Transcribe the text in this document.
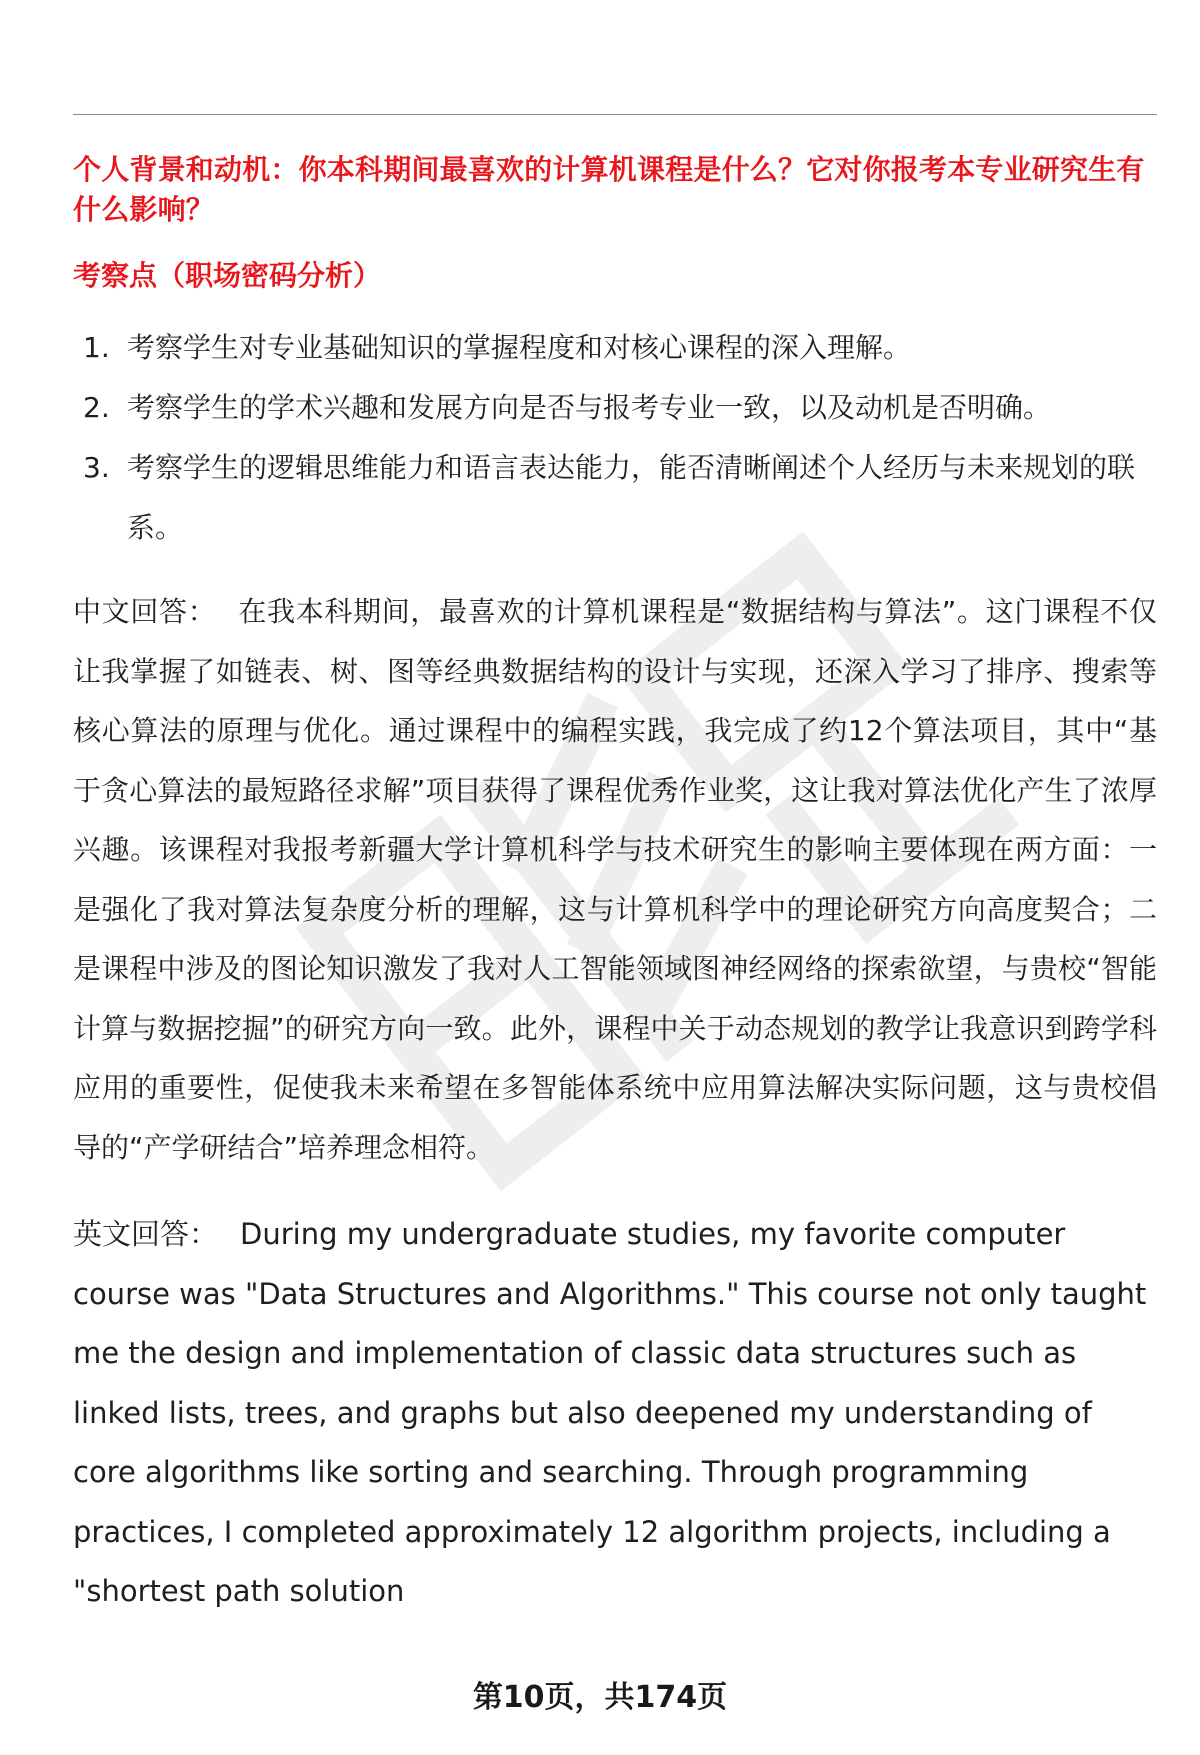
个人背景和动机：你本科期间最喜欢的计算机课程是什么？它对你报考本专业研究生有什么影响？

考察点（职场密码分析）

1. 考察学生对专业基础知识的掌握程度和对核心课程的深入理解。
2. 考察学生的学术兴趣和发展方向是否与报考专业一致，以及动机是否明确。
3. 考察学生的逻辑思维能力和语言表达能力，能否清晰阐述个人经历与未来规划的联系。

中文回答： 在我本科期间，最喜欢的计算机课程是“数据结构与算法”。这门课程不仅让我掌握了如链表、树、图等经典数据结构的设计与实现，还深入学习了排序、搜索等核心算法的原理与优化。通过课程中的编程实践，我完成了约12个算法项目，其中“基于贪心算法的最短路径求解”项目获得了课程优秀作业奖，这让我对算法优化产生了浓厚兴趣。该课程对我报考新疆大学计算机科学与技术研究生的影响主要体现在两方面：一是强化了我对算法复杂度分析的理解，这与计算机科学中的理论研究方向高度契合；二是课程中涉及的图论知识激发了我对人工智能领域图神经网络的探索欲望，与贵校“智能计算与数据挖掘”的研究方向一致。此外，课程中关于动态规划的教学让我意识到跨学科应用的重要性，促使我未来希望在多智能体系统中应用算法解决实际问题，这与贵校倡导的“产学研结合”培养理念相符。

英文回答： During my undergraduate studies, my favorite computer course was "Data Structures and Algorithms." This course not only taught me the design and implementation of classic data structures such as linked lists, trees, and graphs but also deepened my understanding of core algorithms like sorting and searching. Through programming practices, I completed approximately 12 algorithm projects, including a "shortest path solution

第10页，共174页
